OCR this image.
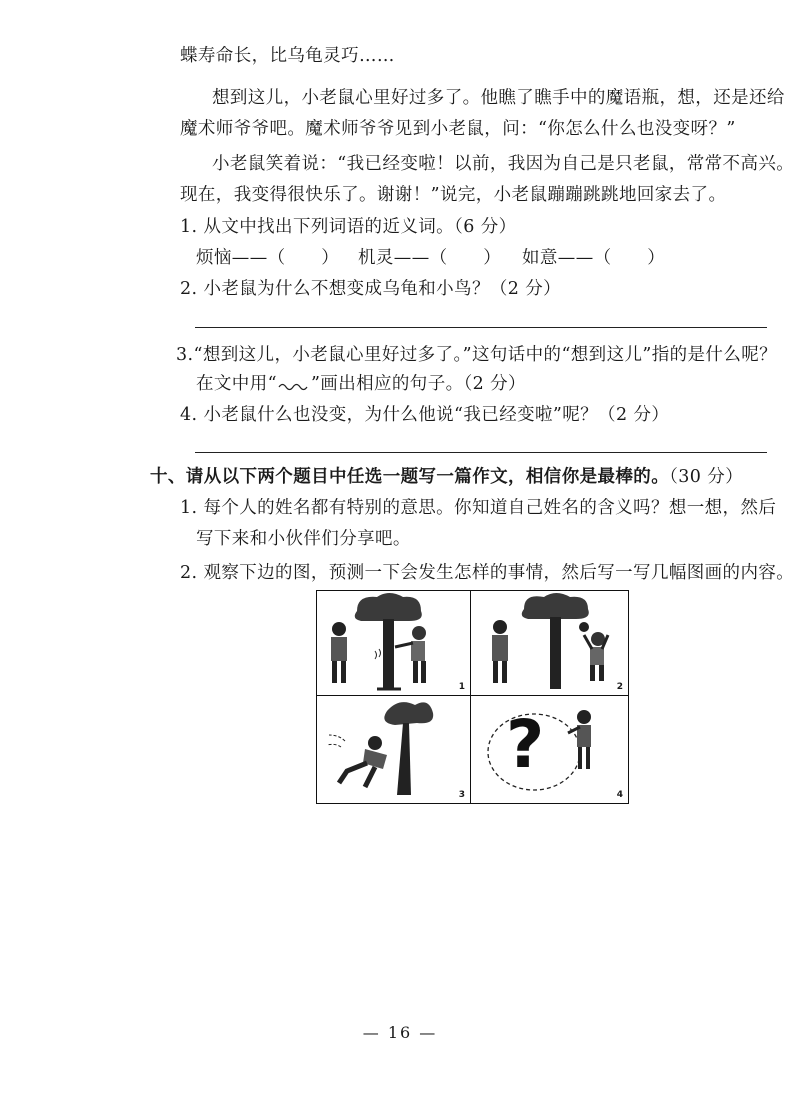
蝶寿命长，比乌龟灵巧……
想到这儿，小老鼠心里好过多了。他瞧了瞧手中的魔语瓶，想，还是还给
魔术师爷爷吧。魔术师爷爷见到小老鼠，问：“你怎么什么也没变呀？”
小老鼠笑着说：“我已经变啦！以前，我因为自己是只老鼠，常常不高兴。
现在，我变得很快乐了。谢谢！”说完，小老鼠蹦蹦跳跳地回家去了。
1. 从文中找出下列词语的近义词。（6 分）
烦恼——（　　） 机灵——（　　） 如意——（　　）
2. 小老鼠为什么不想变成乌龟和小鸟？（2 分）
3.“想到这儿，小老鼠心里好过多了。”这句话中的“想到这儿”指的是什么呢？
在文中用“ ”画出相应的句子。（2 分）
4. 小老鼠什么也没变，为什么他说“我已经变啦”呢？（2 分）
十、请从以下两个题目中任选一题写一篇作文，相信你是最棒的。（30 分）
1. 每个人的姓名都有特别的意思。你知道自己姓名的含义吗？想一想，然后
写下来和小伙伴们分享吧。
2. 观察下边的图，预测一下会发生怎样的事情，然后写一写几幅图画的内容。
1	2
3
?
4
— 16 —
